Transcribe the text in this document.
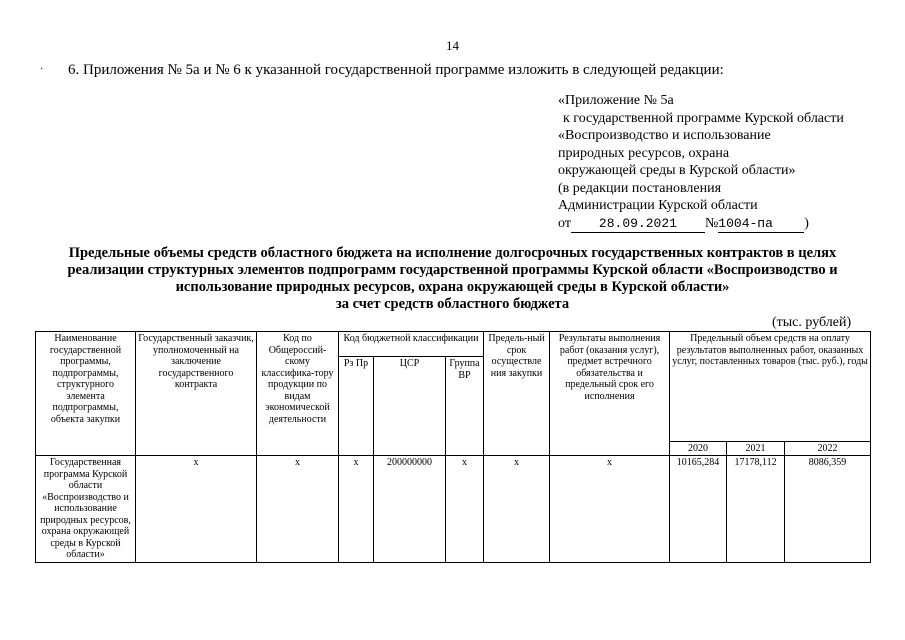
14
· 6. Приложения № 5а и № 6 к указанной государственной программе изложить в следующей редакции:
«Приложение № 5а
к государственной программе Курской области
«Воспроизводство и использование
природных ресурсов, охрана
окружающей среды в Курской области»
(в редакции постановления
Администрации Курской области
от 28.09.2021 №1004-па )
Предельные объемы средств областного бюджета на исполнение долгосрочных государственных контрактов в целях
реализации структурных элементов подпрограмм государственной программы Курской области «Воспроизводство и
использование природных ресурсов, охрана окружающей среды в Курской области»
за счет средств областного бюджета
(тыс. рублей)
Наименование государственной программы, подпрограммы, структурного элемента подпрограммы, объекта закупки	Государственный заказчик, уполномоченный на заключение государственного контракта	Код по Общероссий-скому классифика-тору продукции по видам экономической деятельности	Код бюджетной классификации			Предель-ный срок осуществле ния закупки	Результаты выполнения работ (оказания услуг), предмет встречного обязательства и предельный срок его исполнения	Предельный объем средств на оплату результатов выполненных работ, оказанных услуг, поставленных товаров (тыс. руб.), годы		
			Рз Пр	ЦСР	Группа ВР					
								2020	2021	2022
Государственная программа Курской области «Воспроизводство и использование природных ресурсов, охрана окружающей среды в Курской области»	х	х	х	200000000	х	х	х	10165,284	17178,112	8086,359
